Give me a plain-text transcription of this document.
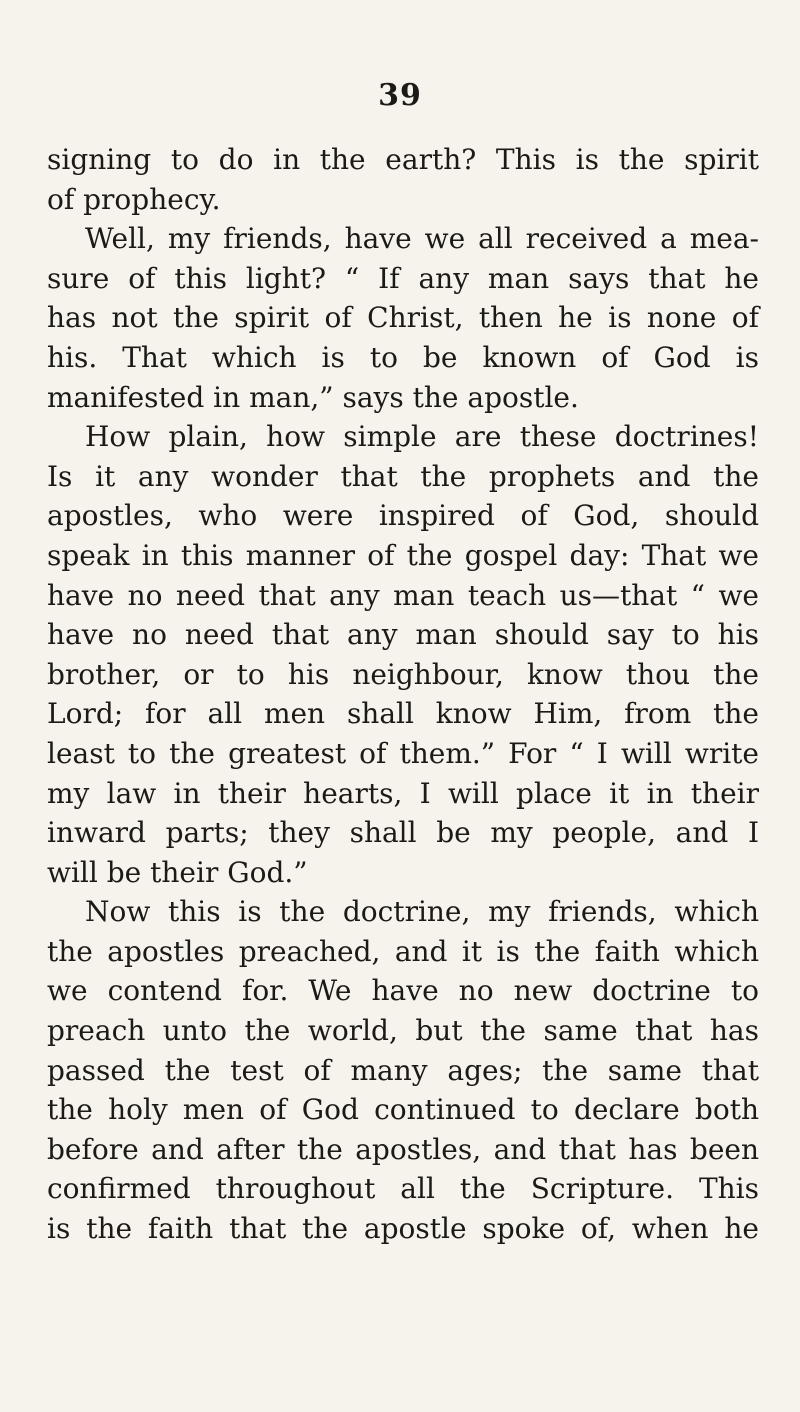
39
signing to do in the earth? This is the spirit
of prophecy.
Well, my friends, have we all received a mea-
sure of this light? “ If any man says that he
has not the spirit of Christ, then he is none of
his. That which is to be known of God is
manifested in man,” says the apostle.
How plain, how simple are these doctrines!
Is it any wonder that the prophets and the
apostles, who were inspired of God, should
speak in this manner of the gospel day: That we
have no need that any man teach us—that “ we
have no need that any man should say to his
brother, or to his neighbour, know thou the
Lord; for all men shall know Him, from the
least to the greatest of them.” For “ I will write
my law in their hearts, I will place it in their
inward parts; they shall be my people, and I
will be their God.”
Now this is the doctrine, my friends, which
the apostles preached, and it is the faith which
we contend for. We have no new doctrine to
preach unto the world, but the same that has
passed the test of many ages; the same that
the holy men of God continued to declare both
before and after the apostles, and that has been
confirmed throughout all the Scripture. This
is the faith that the apostle spoke of, when he
